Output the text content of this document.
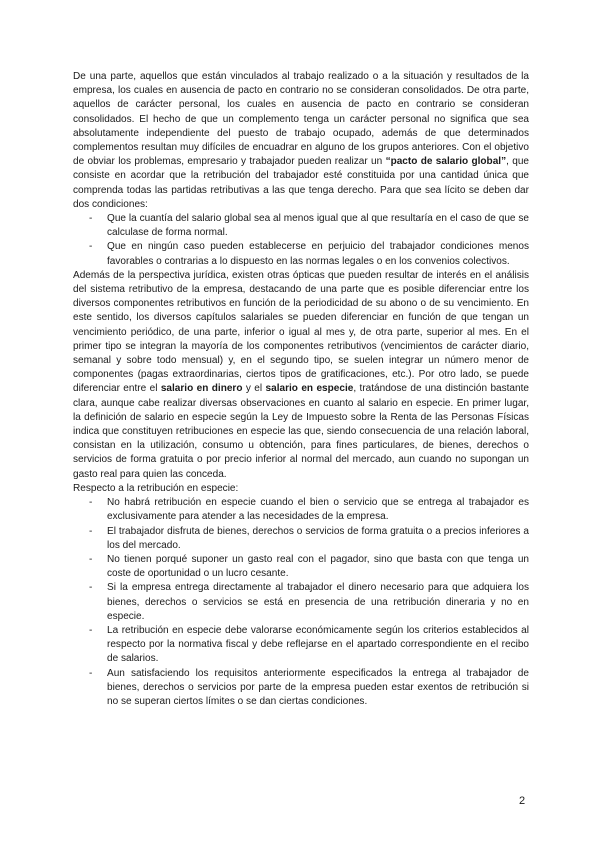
De una parte, aquellos que están vinculados al trabajo realizado o a la situación y resultados de la empresa, los cuales en ausencia de pacto en contrario no se consideran consolidados. De otra parte, aquellos de carácter personal, los cuales en ausencia de pacto en contrario se consideran consolidados. El hecho de que un complemento tenga un carácter personal no significa que sea absolutamente independiente del puesto de trabajo ocupado, además de que determinados complementos resultan muy difíciles de encuadrar en alguno de los grupos anteriores. Con el objetivo de obviar los problemas, empresario y trabajador pueden realizar un “pacto de salario global”, que consiste en acordar que la retribución del trabajador esté constituida por una cantidad única que comprenda todas las partidas retributivas a las que tenga derecho. Para que sea lícito se deben dar dos condiciones:

- Que la cuantía del salario global sea al menos igual que al que resultaría en el caso de que se calculase de forma normal.
- Que en ningún caso pueden establecerse en perjuicio del trabajador condiciones menos favorables o contrarias a lo dispuesto en las normas legales o en los convenios colectivos.

Además de la perspectiva jurídica, existen otras ópticas que pueden resultar de interés en el análisis del sistema retributivo de la empresa, destacando de una parte que es posible diferenciar entre los diversos componentes retributivos en función de la periodicidad de su abono o de su vencimiento. En este sentido, los diversos capítulos salariales se pueden diferenciar en función de que tengan un vencimiento periódico, de una parte, inferior o igual al mes y, de otra parte, superior al mes. En el primer tipo se integran la mayoría de los componentes retributivos (vencimientos de carácter diario, semanal y sobre todo mensual) y, en el segundo tipo, se suelen integrar un número menor de componentes (pagas extraordinarias, ciertos tipos de gratificaciones, etc.). Por otro lado, se puede diferenciar entre el salario en dinero y el salario en especie, tratándose de una distinción bastante clara, aunque cabe realizar diversas observaciones en cuanto al salario en especie. En primer lugar, la definición de salario en especie según la Ley de Impuesto sobre la Renta de las Personas Físicas indica que constituyen retribuciones en especie las que, siendo consecuencia de una relación laboral, consistan en la utilización, consumo u obtención, para fines particulares, de bienes, derechos o servicios de forma gratuita o por precio inferior al normal del mercado, aun cuando no supongan un gasto real para quien las conceda.

Respecto a la retribución en especie:

- No habrá retribución en especie cuando el bien o servicio que se entrega al trabajador es exclusivamente para atender a las necesidades de la empresa.
- El trabajador disfruta de bienes, derechos o servicios de forma gratuita o a precios inferiores a los del mercado.
- No tienen porqué suponer un gasto real con el pagador, sino que basta con que tenga un coste de oportunidad o un lucro cesante.
- Si la empresa entrega directamente al trabajador el dinero necesario para que adquiera los bienes, derechos o servicios se está en presencia de una retribución dineraria y no en especie.
- La retribución en especie debe valorarse económicamente según los criterios establecidos al respecto por la normativa fiscal y debe reflejarse en el apartado correspondiente en el recibo de salarios.
- Aun satisfaciendo los requisitos anteriormente especificados la entrega al trabajador de bienes, derechos o servicios por parte de la empresa pueden estar exentos de retribución si no se superan ciertos límites o se dan ciertas condiciones.
2
